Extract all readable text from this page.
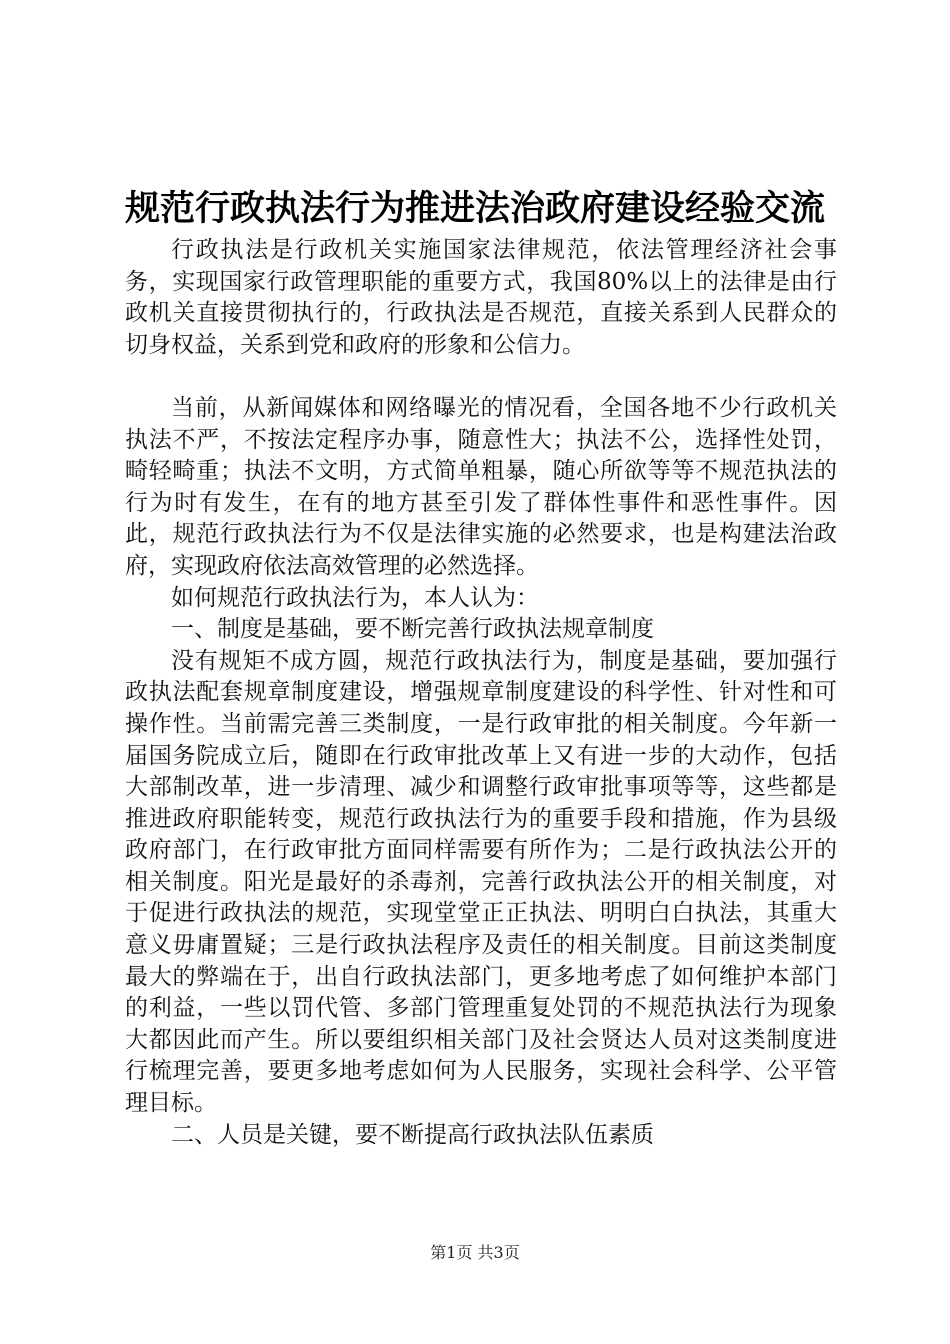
规范行政执法行为推进法治政府建设经验交流

行政执法是行政机关实施国家法律规范，依法管理经济社会事务，实现国家行政管理职能的重要方式，我国80%以上的法律是由行政机关直接贯彻执行的，行政执法是否规范，直接关系到人民群众的切身权益，关系到党和政府的形象和公信力。

当前，从新闻媒体和网络曝光的情况看，全国各地不少行政机关执法不严，不按法定程序办事，随意性大；执法不公，选择性处罚，畸轻畸重；执法不文明，方式简单粗暴，随心所欲等等不规范执法的行为时有发生，在有的地方甚至引发了群体性事件和恶性事件。因此，规范行政执法行为不仅是法律实施的必然要求，也是构建法治政府，实现政府依法高效管理的必然选择。

如何规范行政执法行为，本人认为：

一、制度是基础，要不断完善行政执法规章制度

没有规矩不成方圆，规范行政执法行为，制度是基础，要加强行政执法配套规章制度建设，增强规章制度建设的科学性、针对性和可操作性。当前需完善三类制度，一是行政审批的相关制度。今年新一届国务院成立后，随即在行政审批改革上又有进一步的大动作，包括大部制改革，进一步清理、减少和调整行政审批事项等等，这些都是推进政府职能转变，规范行政执法行为的重要手段和措施，作为县级政府部门，在行政审批方面同样需要有所作为；二是行政执法公开的相关制度。阳光是最好的杀毒剂，完善行政执法公开的相关制度，对于促进行政执法的规范，实现堂堂正正执法、明明白白执法，其重大意义毋庸置疑；三是行政执法程序及责任的相关制度。目前这类制度最大的弊端在于，出自行政执法部门，更多地考虑了如何维护本部门的利益，一些以罚代管、多部门管理重复处罚的不规范执法行为现象大都因此而产生。所以要组织相关部门及社会贤达人员对这类制度进行梳理完善，要更多地考虑如何为人民服务，实现社会科学、公平管理目标。

二、人员是关键，要不断提高行政执法队伍素质

第1页 共3页
